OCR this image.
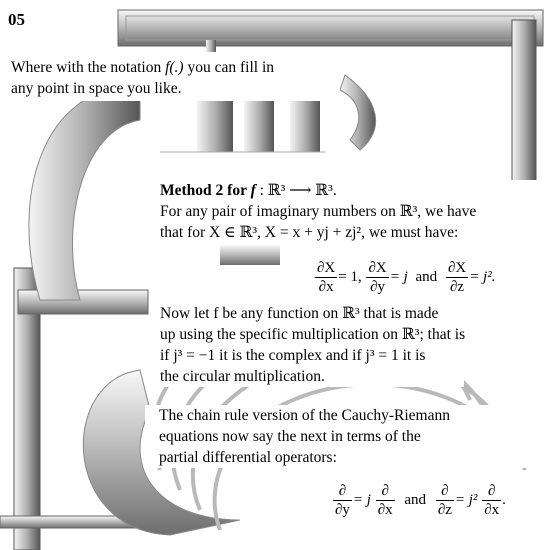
05
Where with the notation f(.) you can fill in
any point in space you like.
Method 2 for f : ℝ³ ⟶ ℝ³.
For any pair of imaginary numbers on ℝ³, we have
that for X ∈ ℝ³, X = x + yj + zj², we must have:
$\frac{\partial X}{\partial x} = 1$, $\frac{\partial X}{\partial y} = j$ and $\frac{\partial X}{\partial z} = j^2$.
Now let f be any function on ℝ³ that is made
up using the specific multiplication on ℝ³; that is
if j³ = −1 it is the complex and if j³ = 1 it is
the circular multiplication.
The chain rule version of the Cauchy-Riemann
equations now say the next in terms of the
partial differential operators:
$\frac{\partial}{\partial y} = j \frac{\partial}{\partial x}$ and $\frac{\partial}{\partial z} = j^2 \frac{\partial}{\partial x}$ .
